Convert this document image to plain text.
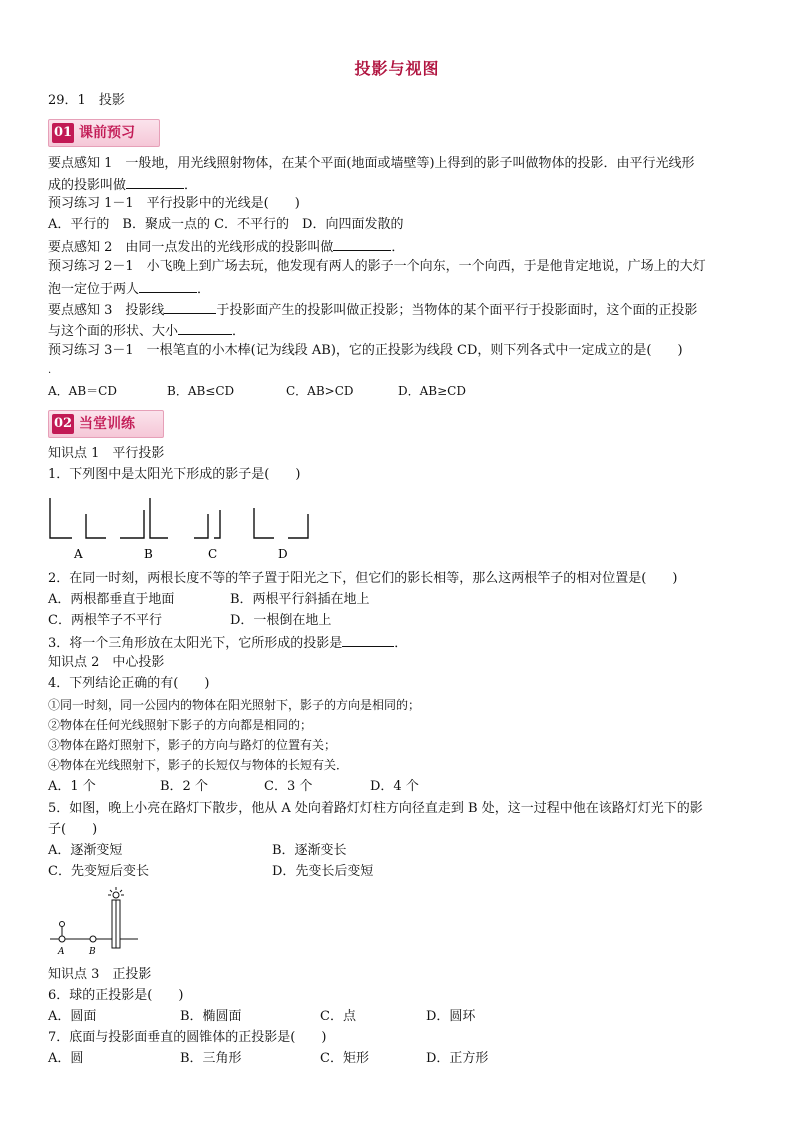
投影与视图
29．1　投影
01 课前预习
要点感知 1　一般地，用光线照射物体，在某个平面(地面或墙壁等)上得到的影子叫做物体的投影．由平行光线形
成的投影叫做	．
预习练习 1－1　平行投影中的光线是(　　)
A．平行的　B．聚成一点的 C．不平行的　D．向四面发散的
要点感知 2　由同一点发出的光线形成的投影叫做	．
预习练习 2－1　小飞晚上到广场去玩，他发现有两人的影子一个向东，一个向西，于是他肯定地说，广场上的大灯
泡一定位于两人	．
要点感知 3　投影线	于投影面产生的投影叫做正投影；当物体的某个面平行于投影面时，这个面的正投影
与这个面的形状、大小	．
预习练习 3－1　一根笔直的小木棒(记为线段 AB)，它的正投影为线段 CD，则下列各式中一定成立的是(　　)
.
A．AB＝CD	B．AB≤CD	C．AB>CD	D．AB≥CD
02 当堂训练
知识点 1　平行投影
1．下列图中是太阳光下形成的影子是(　　)
A	B	C	D
2．在同一时刻，两根长度不等的竿子置于阳光之下，但它们的影长相等，那么这两根竿子的相对位置是(　　)
A．两根都垂直于地面	B．两根平行斜插在地上
C．两根竿子不平行	D．一根倒在地上
3．将一个三角形放在太阳光下，它所形成的投影是	．
知识点 2　中心投影
4．下列结论正确的有(　　)
①同一时刻，同一公园内的物体在阳光照射下，影子的方向是相同的；
②物体在任何光线照射下影子的方向都是相同的；
③物体在路灯照射下，影子的方向与路灯的位置有关；
④物体在光线照射下，影子的长短仅与物体的长短有关．
A．1 个	B．2 个	C．3 个	D．4 个
5．如图，晚上小亮在路灯下散步，他从 A 处向着路灯灯柱方向径直走到 B 处，这一过程中他在该路灯灯光下的影
子(　　)
A．逐渐变短	B．逐渐变长
C．先变短后变长	D．先变长后变短
A	B
知识点 3　正投影
6．球的正投影是(　　)
A．圆面	B．椭圆面	C．点	D．圆环
7．底面与投影面垂直的圆锥体的正投影是(　　)
A．圆	B．三角形	C．矩形	D．正方形
